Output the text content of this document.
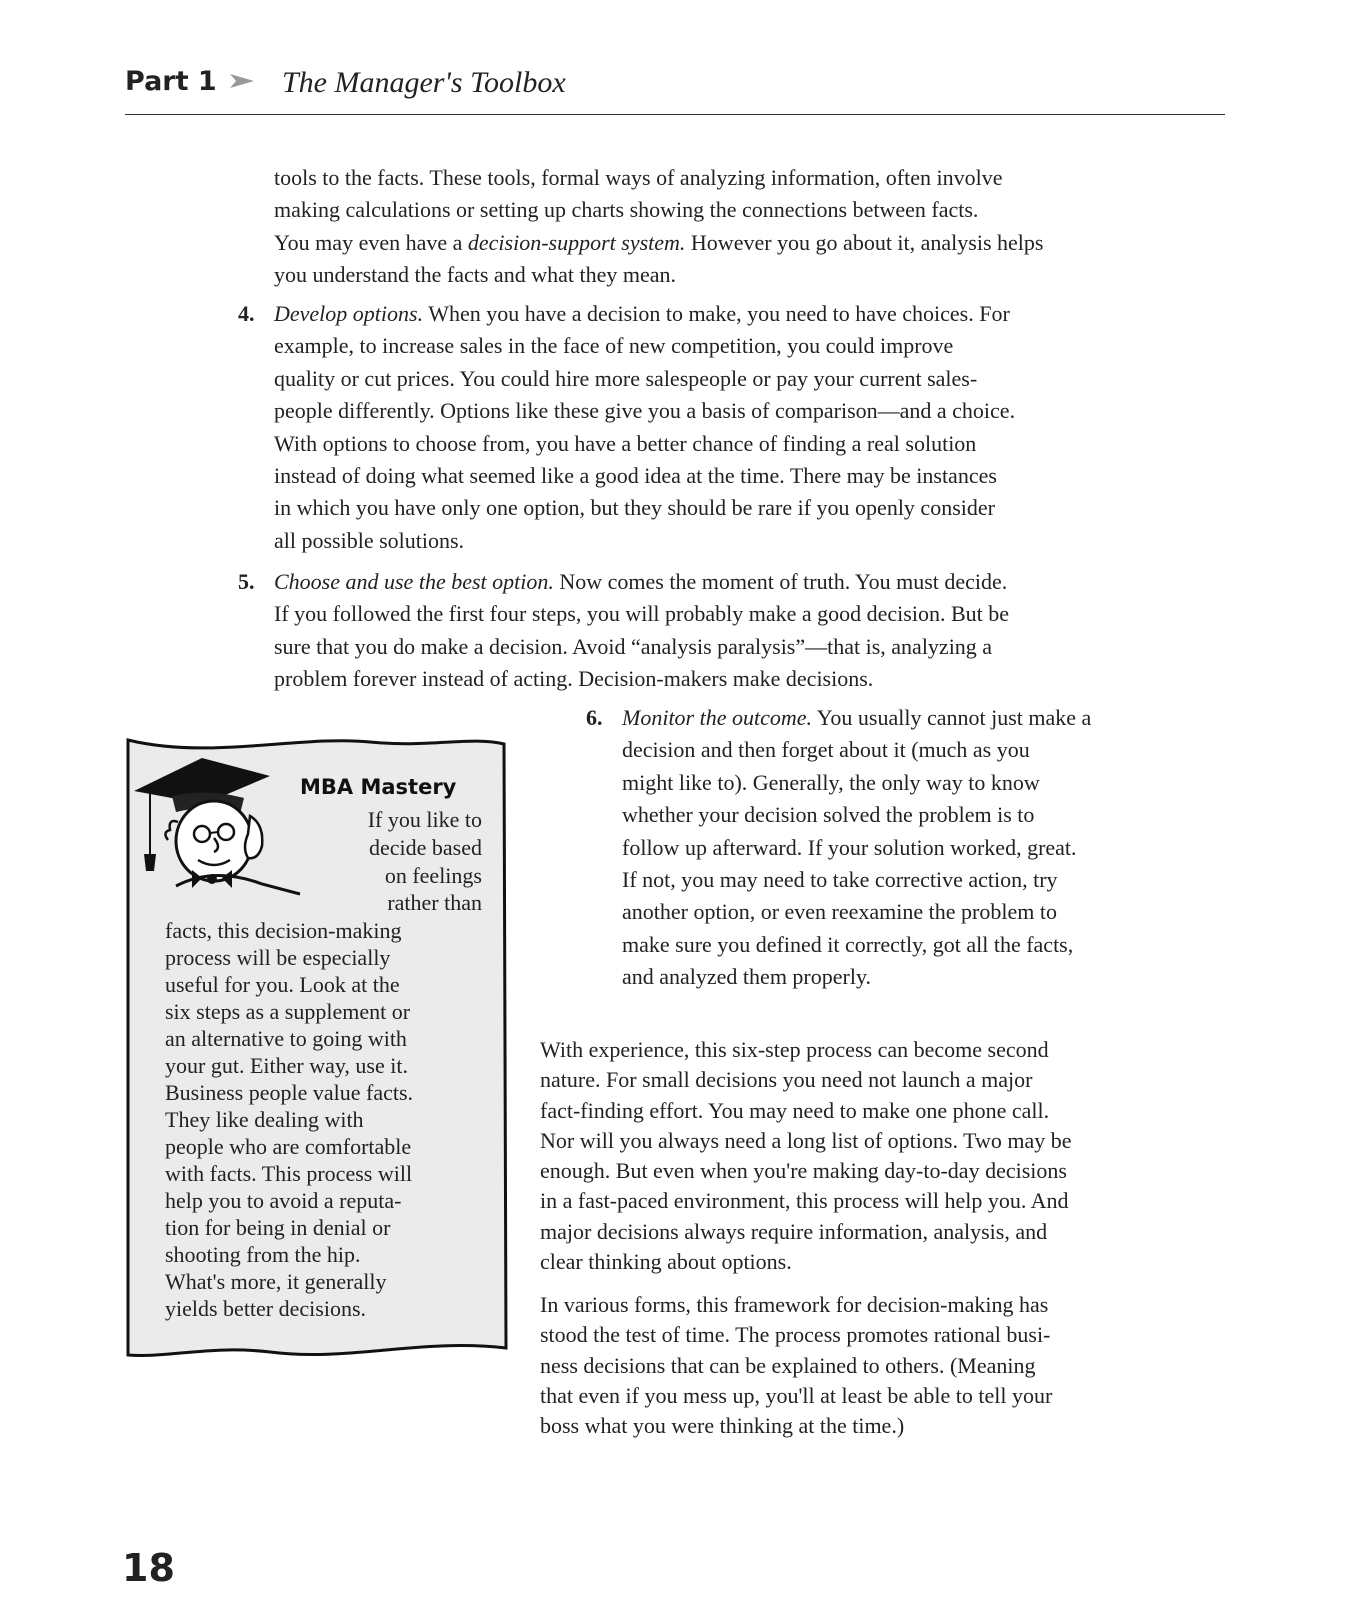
Part 1 The Manager's Toolbox
tools to the facts. These tools, formal ways of analyzing information, often involve
making calculations or setting up charts showing the connections between facts.
You may even have a decision-support system. However you go about it, analysis helps
you understand the facts and what they mean.
4. Develop options. When you have a decision to make, you need to have choices. For
example, to increase sales in the face of new competition, you could improve
quality or cut prices. You could hire more salespeople or pay your current sales-
people differently. Options like these give you a basis of comparison—and a choice.
With options to choose from, you have a better chance of finding a real solution
instead of doing what seemed like a good idea at the time. There may be instances
in which you have only one option, but they should be rare if you openly consider
all possible solutions.
5. Choose and use the best option. Now comes the moment of truth. You must decide.
If you followed the first four steps, you will probably make a good decision. But be
sure that you do make a decision. Avoid “analysis paralysis”—that is, analyzing a
problem forever instead of acting. Decision-makers make decisions.
6. Monitor the outcome. You usually cannot just make a
decision and then forget about it (much as you
might like to). Generally, the only way to know
whether your decision solved the problem is to
follow up afterward. If your solution worked, great.
If not, you may need to take corrective action, try
another option, or even reexamine the problem to
make sure you defined it correctly, got all the facts,
and analyzed them properly.
MBA Mastery
If you like to
decide based
on feelings
rather than
facts, this decision-making
process will be especially
useful for you. Look at the
six steps as a supplement or
an alternative to going with
your gut. Either way, use it.
Business people value facts.
They like dealing with
people who are comfortable
with facts. This process will
help you to avoid a reputa-
tion for being in denial or
shooting from the hip.
What's more, it generally
yields better decisions.
With experience, this six-step process can become second
nature. For small decisions you need not launch a major
fact-finding effort. You may need to make one phone call.
Nor will you always need a long list of options. Two may be
enough. But even when you're making day-to-day decisions
in a fast-paced environment, this process will help you. And
major decisions always require information, analysis, and
clear thinking about options.
In various forms, this framework for decision-making has
stood the test of time. The process promotes rational busi-
ness decisions that can be explained to others. (Meaning
that even if you mess up, you'll at least be able to tell your
boss what you were thinking at the time.)
18
